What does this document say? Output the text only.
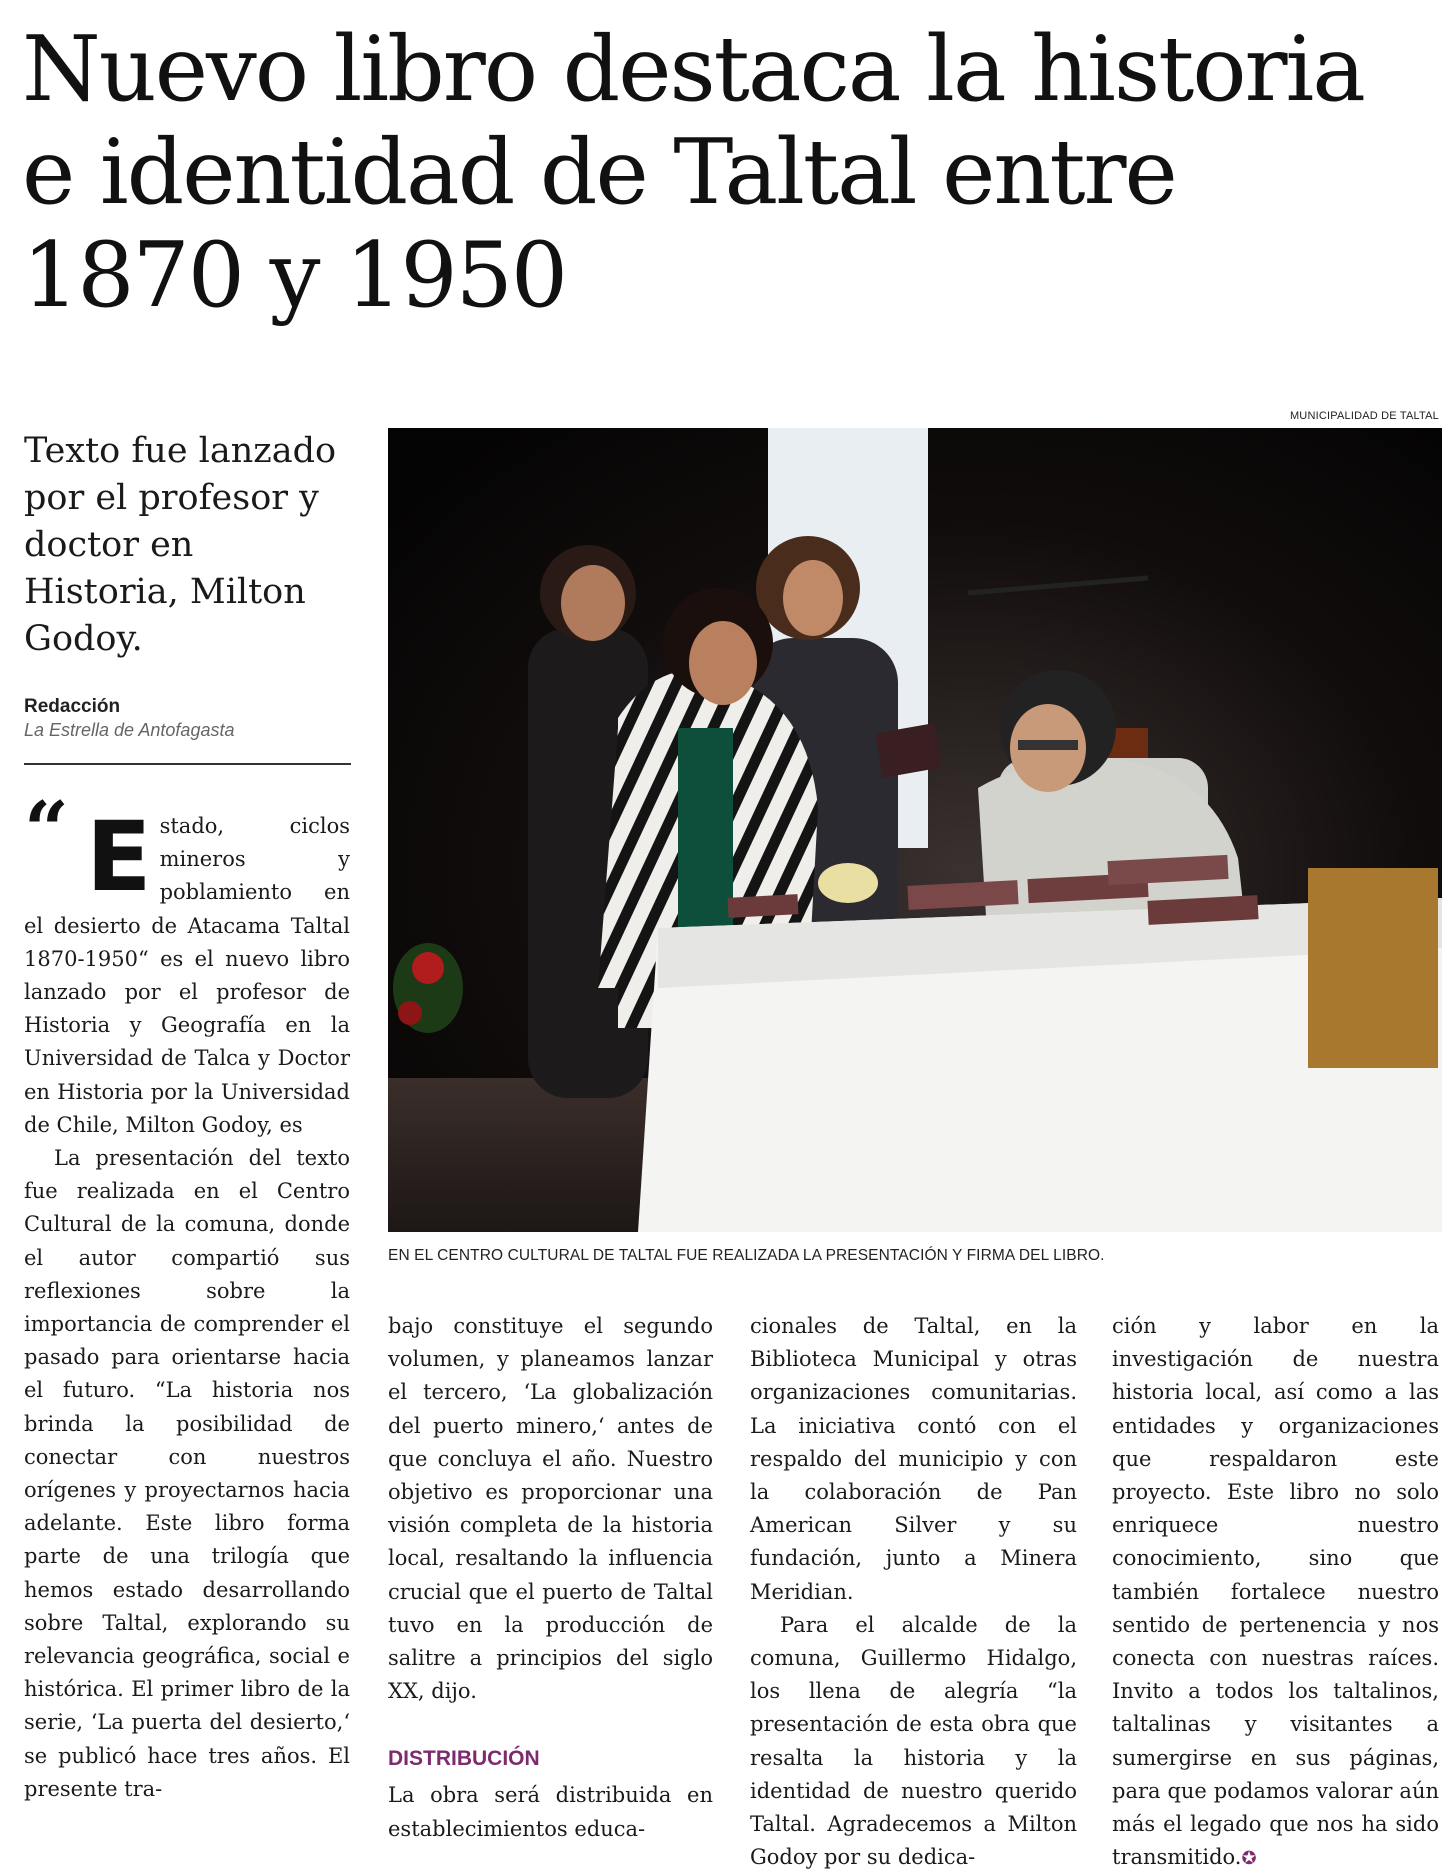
Nuevo libro destaca la historia e identidad de Taltal entre 1870 y 1950
MUNICIPALIDAD DE TALTAL
Texto fue lanzado por el profesor y doctor en Historia, Milton Godoy.
Redacción
La Estrella de Antofagasta
EN EL CENTRO CULTURAL DE TALTAL FUE REALIZADA LA PRESENTACIÓN Y FIRMA DEL LIBRO.
“ E stado, ciclos mineros y poblamiento en el desierto de Atacama Taltal 1870-1950“ es el nuevo libro lanzado por el profesor de Historia y Geografía en la Universidad de Talca y Doctor en Historia por la Universidad de Chile, Milton Godoy, es

La presentación del texto fue realizada en el Centro Cultural de la comuna, donde el autor compartió sus reflexiones sobre la importancia de comprender el pasado para orientarse hacia el futuro. “La historia nos brinda la posibilidad de conectar con nuestros orígenes y proyectarnos hacia adelante. Este libro forma parte de una trilogía que hemos estado desarrollando sobre Taltal, explorando su relevancia geográfica, social e histórica. El primer libro de la serie, ‘La puerta del desierto,‘ se publicó hace tres años. El presente tra-

bajo constituye el segundo volumen, y planeamos lanzar el tercero, ‘La globalización del puerto minero,‘ antes de que concluya el año. Nuestro objetivo es proporcionar una visión completa de la historia local, resaltando la influencia crucial que el puerto de Taltal tuvo en la producción de salitre a principios del siglo XX, dijo.

DISTRIBUCIÓN

La obra será distribuida en establecimientos educa-

cionales de Taltal, en la Biblioteca Municipal y otras organizaciones comunitarias. La iniciativa contó con el respaldo del municipio y con la colaboración de Pan American Silver y su fundación, junto a Minera Meridian.

Para el alcalde de la comuna, Guillermo Hidalgo, los llena de alegría “la presentación de esta obra que resalta la historia y la identidad de nuestro querido Taltal. Agradecemos a Milton Godoy por su dedica-

ción y labor en la investigación de nuestra historia local, así como a las entidades y organizaciones que respaldaron este proyecto. Este libro no solo enriquece nuestro conocimiento, sino que también fortalece nuestro sentido de pertenencia y nos conecta con nuestras raíces. Invito a todos los taltalinos, taltalinas y visitantes a sumergirse en sus páginas, para que podamos valorar aún más el legado que nos ha sido transmitido.✪
